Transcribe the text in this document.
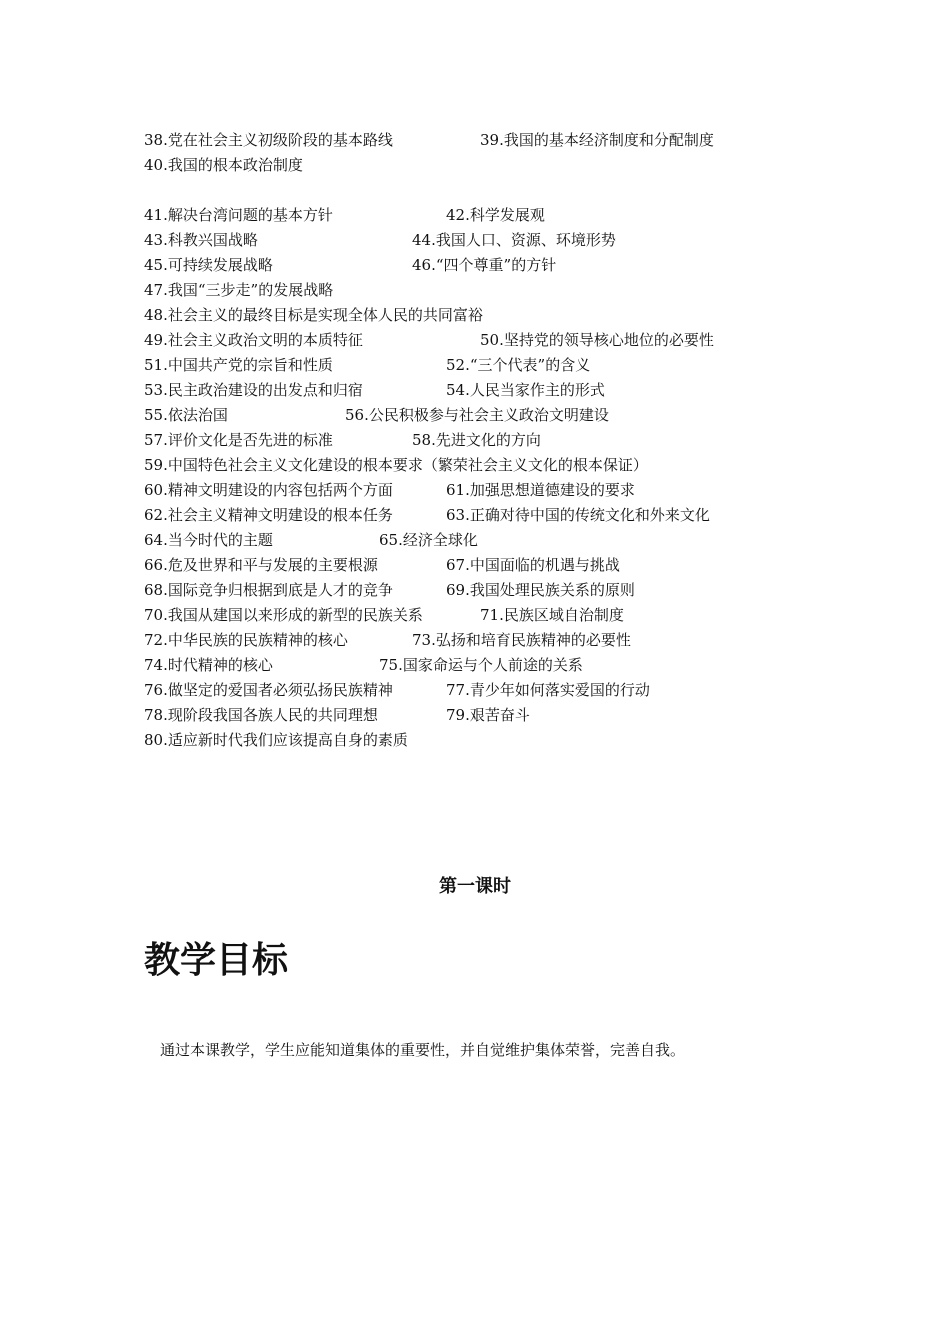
38.党在社会主义初级阶段的基本路线	39.我国的基本经济制度和分配制度
40.我国的根本政治制度
41.解决台湾问题的基本方针	42.科学发展观
43.科教兴国战略	44.我国人口、资源、环境形势
45.可持续发展战略	46.“四个尊重”的方针
47.我国“三步走”的发展战略
48.社会主义的最终目标是实现全体人民的共同富裕
49.社会主义政治文明的本质特征	50.坚持党的领导核心地位的必要性
51.中国共产党的宗旨和性质	52.“三个代表”的含义
53.民主政治建设的出发点和归宿	54.人民当家作主的形式
55.依法治国	56.公民积极参与社会主义政治文明建设
57.评价文化是否先进的标准	58.先进文化的方向
59.中国特色社会主义文化建设的根本要求（繁荣社会主义文化的根本保证）
60.精神文明建设的内容包括两个方面	61.加强思想道德建设的要求
62.社会主义精神文明建设的根本任务	63.正确对待中国的传统文化和外来文化
64.当今时代的主题	65.经济全球化
66.危及世界和平与发展的主要根源	67.中国面临的机遇与挑战
68.国际竞争归根据到底是人才的竞争	69.我国处理民族关系的原则
70.我国从建国以来形成的新型的民族关系	71.民族区域自治制度
72.中华民族的民族精神的核心	73.弘扬和培育民族精神的必要性
74.时代精神的核心	75.国家命运与个人前途的关系
76.做坚定的爱国者必须弘扬民族精神	77.青少年如何落实爱国的行动
78.现阶段我国各族人民的共同理想	79.艰苦奋斗
80.适应新时代我们应该提高自身的素质
第一课时
教学目标
通过本课教学，学生应能知道集体的重要性，并自觉维护集体荣誉，完善自我。
